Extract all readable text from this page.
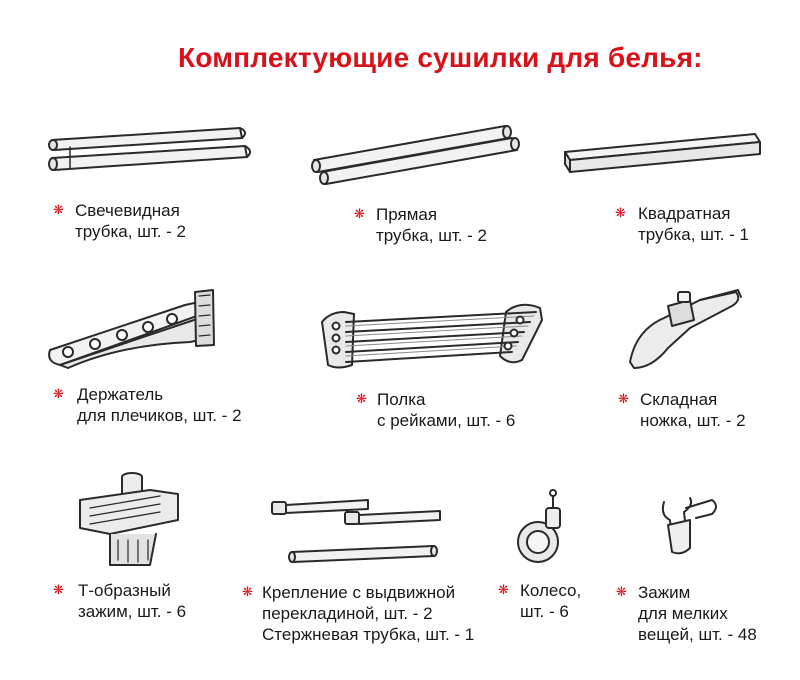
Комплектующие сушилки для белья:
❋ Свечевидная
трубка, шт. - 2
❋ Прямая
трубка, шт. - 2
❋ Квадратная
трубка, шт. - 1
❋ Держатель
для плечиков, шт. - 2
❋ Полка
с рейками, шт. - 6
❋ Складная
ножка, шт. - 2
❋ Т-образный
зажим, шт. - 6
❋ Крепление с выдвижной
перекладиной, шт. - 2
Стержневая трубка, шт. - 1
❋ Колесо,
шт. - 6
❋ Зажим
для мелких
вещей, шт. - 48
